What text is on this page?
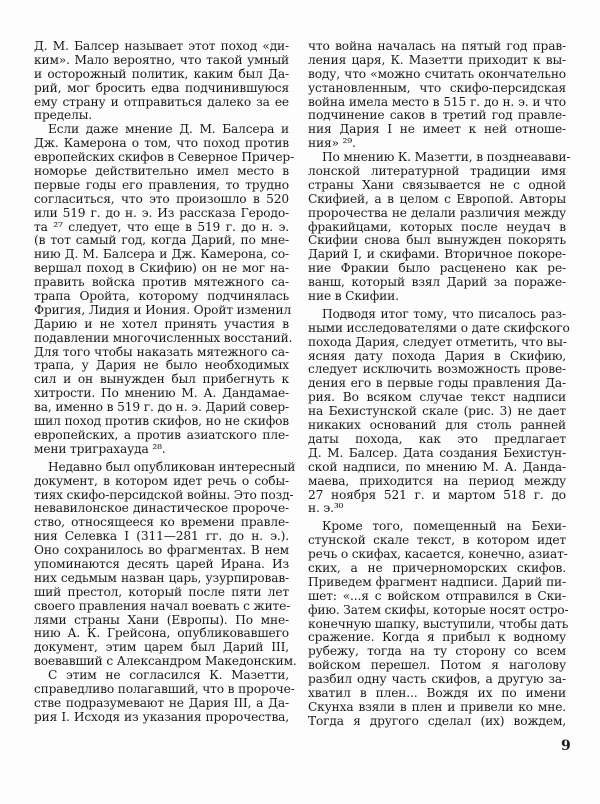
Д. М. Балсер называет этот поход «ди-
ким». Мало вероятно, что такой умный
и осторожный политик, каким был Да-
рий, мог бросить едва подчинившуюся
ему страну и отправиться далеко за ее
пределы.
Если даже мнение Д. М. Балсера и
Дж. Камерона о том, что поход против
европейских скифов в Северное Причер-
номорье действительно имел место в
первые годы его правления, то трудно
согласиться, что это произошло в 520
или 519 г. до н. э. Из рассказа Геродо-
та ²⁷ следует, что еще в 519 г. до н. э.
(в тот самый год, когда Дарий, по мне-
нию Д. М. Балсера и Дж. Камерона, со-
вершал поход в Скифию) он не мог на-
править войска против мятежного са-
трапа Оройта, которому подчинялась
Фригия, Лидия и Иония. Оройт изменил
Дарию и не хотел принять участия в
подавлении многочисленных восстаний.
Для того чтобы наказать мятежного са-
трапа, у Дария не было необходимых
сил и он вынужден был прибегнуть к
хитрости. По мнению М. А. Дандамае-
ва, именно в 519 г. до н. э. Дарий совер-
шил поход против скифов, но не скифов
европейских, а против азиатского пле-
мени триграхауда ²⁸.
Недавно был опубликован интересный
документ, в котором идет речь о собы-
тиях скифо-персидской войны. Это позд-
невавилонское династическое пророче-
ство, относящееся ко времени правле-
ния Селевка I (311—281 гг. до н. э.).
Оно сохранилось во фрагментах. В нем
упоминаются десять царей Ирана. Из
них седьмым назван царь, узурпировав-
ший престол, который после пяти лет
своего правления начал воевать с жите-
лями страны Хани (Европы). По мне-
нию А. К. Грейсона, опубликовавшего
документ, этим царем был Дарий III,
воевавший с Александром Македонским.
С этим не согласился К. Мазетти,
справедливо полагавший, что в пророче-
стве подразумевают не Дария III, а Да-
рия I. Исходя из указания пророчества,
что война началась на пятый год прав-
ления царя, К. Мазетти приходит к вы-
воду, что «можно считать окончательно
установленным, что скифо-персидская
война имела место в 515 г. до н. э. и что
подчинение саков в третий год правле-
ния Дария I не имеет к ней отноше-
ния» ²⁹.
По мнению К. Мазетти, в позднеавави-
лонской литературной традиции имя
страны Хани связывается не с одной
Скифией, а в целом с Европой. Авторы
пророчества не делали различия между
фракийцами, которых после неудач в
Скифии снова был вынужден покорять
Дарий I, и скифами. Вторичное покоре-
ние Фракии было расценено как ре-
ванш, который взял Дарий за пораже-
ние в Скифии.
Подводя итог тому, что писалось раз-
ными исследователями о дате скифского
похода Дария, следует отметить, что вы-
ясняя дату похода Дария в Скифию,
следует исключить возможность прове-
дения его в первые годы правления Да-
рия. Во всяком случае текст надписи
на Бехистунской скале (рис. 3) не дает
никаких оснований для столь ранней
даты похода, как это предлагает
Д. М. Балсер. Дата создания Бехистун-
ской надписи, по мнению М. А. Данда-
маева, приходится на период между
27 ноября 521 г. и мартом 518 г. до
н. э.³⁰
Кроме того, помещенный на Бехи-
стунской скале текст, в котором идет
речь о скифах, касается, конечно, азиат-
ских, а не причерноморских скифов.
Приведем фрагмент надписи. Дарий пи-
шет: «...я с войском отправился в Ски-
фию. Затем скифы, которые носят остро-
конечную шапку, выступили, чтобы дать
сражение. Когда я прибыл к водному
рубежу, тогда на ту сторону со всем
войском перешел. Потом я наголову
разбил одну часть скифов, а другую за-
хватил в плен... Вождя их по имени
Скунха взяли в плен и привели ко мне.
Тогда я другого сделал (их) вождем,
9
